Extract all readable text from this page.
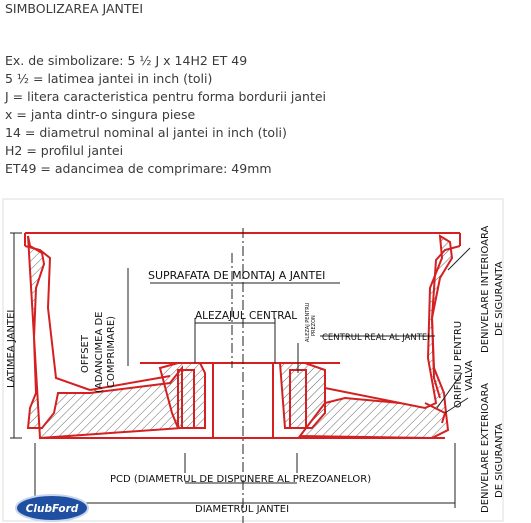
SIMBOLIZAREA JANTEI
Ex. de simbolizare: 5 ½ J x 14H2 ET 49
5 ½ = latimea jantei in inch (toli)
J = litera caracteristica pentru forma bordurii jantei
x = janta dintr-o singura piese
14 = diametrul nominal al jantei in inch (toli)
H2 = profilul jantei
ET49 = adancimea de comprimare: 49mm
SUPRAFATA DE MONTAJ A JANTEI
ALEZAJUL CENTRAL ALEZAJ PENTRU PREZON
CENTRUL REAL AL JANTEI
LATIMEA JANTEI	OFFSET (ADANCIMEA DE COMPRIMARE)	DENIVELARE INTERIOARA DE SIGURANTA
ORIFICIU PENTRU VALVA
DENIVELARE EXTERIOARA DE SIGURANTA
PCD (DIAMETRUL DE DISPUNERE AL PREZOANELOR)
DIAMETRUL JANTEI
ClubFord
